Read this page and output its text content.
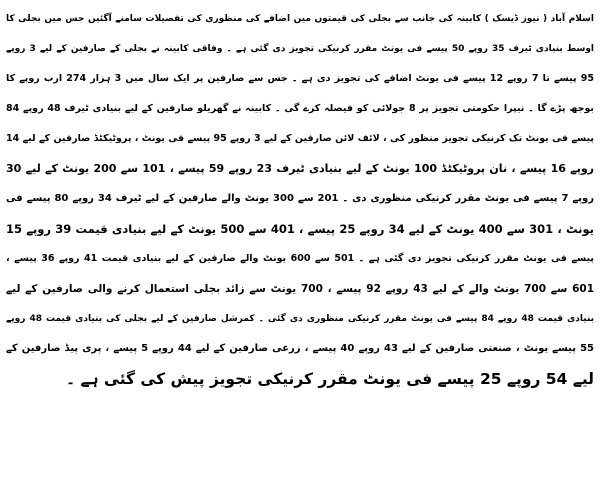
اسلام آباد ( نیوز ڈیسک ) کابینہ کی جانب سے بجلی کی قیمتوں میں اضافے کی منظوری کی تفصیلات سامنے آگئیں جس میں بجلی کا
اوسط بنیادی ٹیرف 35 روپے 50 پیسے فی یونٹ مقرر کرنیکی تجویز دی گئی ہے ۔ وفاقی کابینہ نے بجلی کے صارفین کے لیے 3 روپے
95 پیسے تا 7 روپے 12 پیسے فی یونٹ اضافے کی تجویز دی ہے ۔ جس سے صارفین پر ایک سال میں 3 ہزار 274 ارب روپے کا
بوجھ پڑے گا ۔ نیپرا حکومتی تجویز پر 8 جولائی کو فیصلہ کرے گی ۔ کابینہ نے گھریلو صارفین کے لیے بنیادی ٹیرف 48 روپے 84
پیسے فی یونٹ تک کرنیکی تجویز منظور کی ، لائف لائن صارفین کے لیے 3 روپے 95 پیسے فی یونٹ ، پروٹیکٹڈ صارفین کے لیے 14
روپے 16 پیسے ، نان پروٹیکٹڈ 100 یونٹ کے لیے بنیادی ٹیرف 23 روپے 59 پیسے ، 101 سے 200 یونٹ کے لیے 30
روپے 7 پیسے فی یونٹ مقرر کرنیکی منظوری دی ۔ 201 سے 300 یونٹ والے صارفین کے لیے ٹیرف 34 روپے 80 پیسے فی
یونٹ ، 301 سے 400 یونٹ کے لیے 34 روپے 25 پیسے ، 401 سے 500 یونٹ کے لیے بنیادی قیمت 39 روپے 15
پیسے فی یونٹ مقرر کرنیکی تجویز دی گئی ہے ۔ 501 سے 600 یونٹ والے صارفین کے لیے بنیادی قیمت 41 روپے 36 پیسے ،
601 سے 700 یونٹ والے کے لیے 43 روپے 92 پیسے ، 700 یونٹ سے زائد بجلی استعمال کرنے والی صارفین کے لیے
بنیادی قیمت 48 روپے 84 پیسے فی یونٹ مقرر کرنیکی منظوری دی گئی ۔ کمرشل صارفین کے لیے بجلی کی بنیادی قیمت 48 روپے
55 پیسے یونٹ ، صنعتی صارفین کے لیے 43 روپے 40 پیسے ، زرعی صارفین کے لیے 44 روپے 5 پیسے ، پری پیڈ صارفین کے
لیے 54 روپے 25 پیسے فی یونٹ مقرر کرنیکی تجویز پیش کی گئی ہے ۔
